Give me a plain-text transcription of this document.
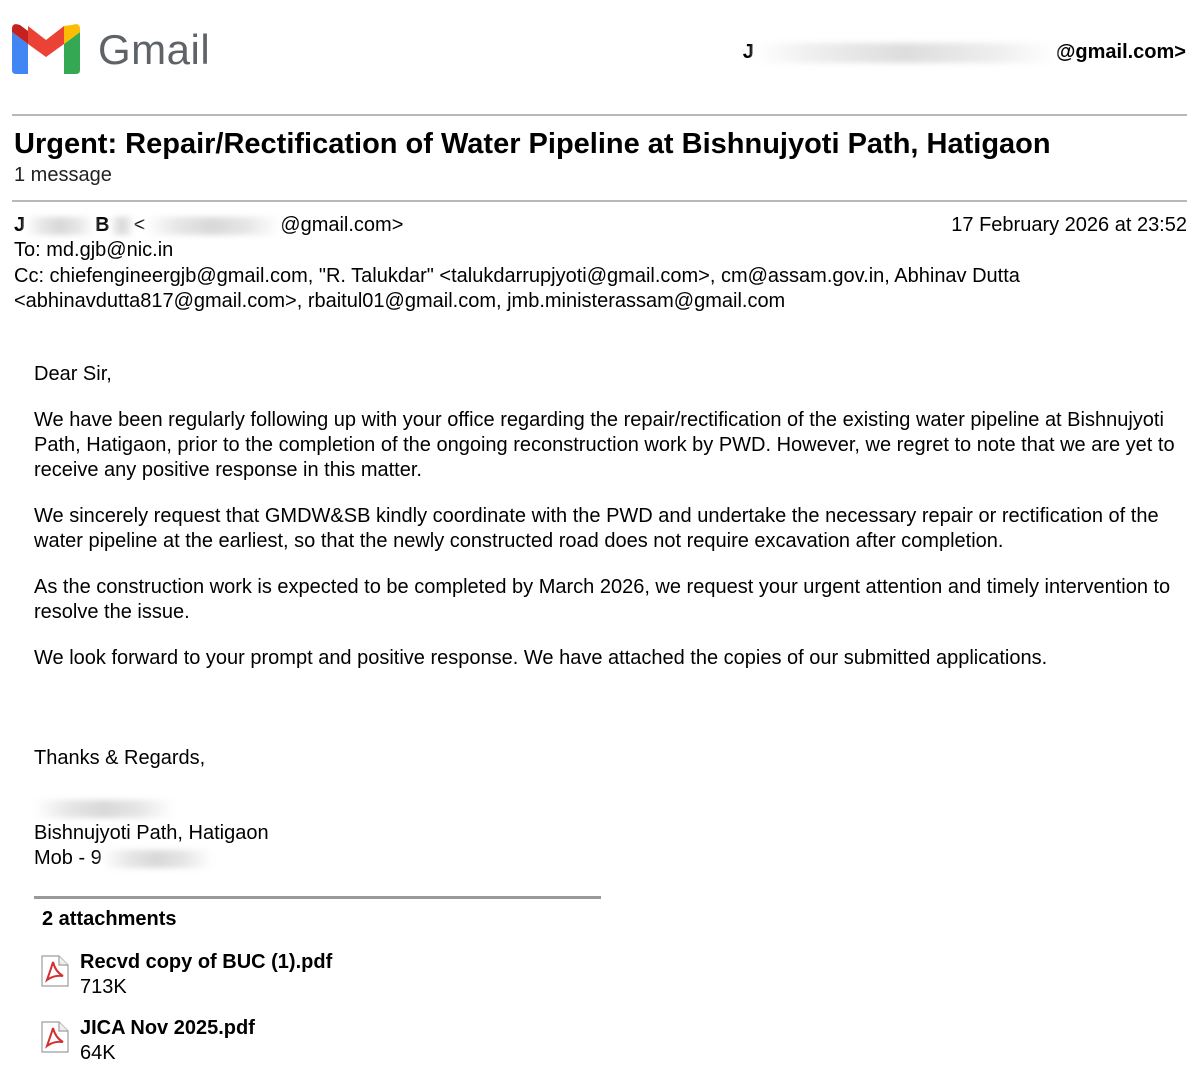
Gmail	J	@gmail.com>
Urgent: Repair/Rectification of Water Pipeline at Bishnujyoti Path, Hatigaon
1 message
J	B <	@gmail.com>	17 February 2026 at 23:52
To: md.gjb@nic.in
Cc: chiefengineergjb@gmail.com, "R. Talukdar" <talukdarrupjyoti@gmail.com>, cm@assam.gov.in, Abhinav Dutta <abhinavdutta817@gmail.com>, rbaitul01@gmail.com, jmb.ministerassam@gmail.com

Dear Sir,

We have been regularly following up with your office regarding the repair/rectification of the existing water pipeline at Bishnujyoti Path, Hatigaon, prior to the completion of the ongoing reconstruction work by PWD. However, we regret to note that we are yet to receive any positive response in this matter.

We sincerely request that GMDW&SB kindly coordinate with the PWD and undertake the necessary repair or rectification of the water pipeline at the earliest, so that the newly constructed road does not require excavation after completion.

As the construction work is expected to be completed by March 2026, we request your urgent attention and timely intervention to resolve the issue.

We look forward to your prompt and positive response. We have attached the copies of our submitted applications.

Thanks & Regards,
Bishnujyoti Path, Hatigaon
Mob - 9
2 attachments
Recvd copy of BUC (1).pdf
713K
JICA Nov 2025.pdf
64K
